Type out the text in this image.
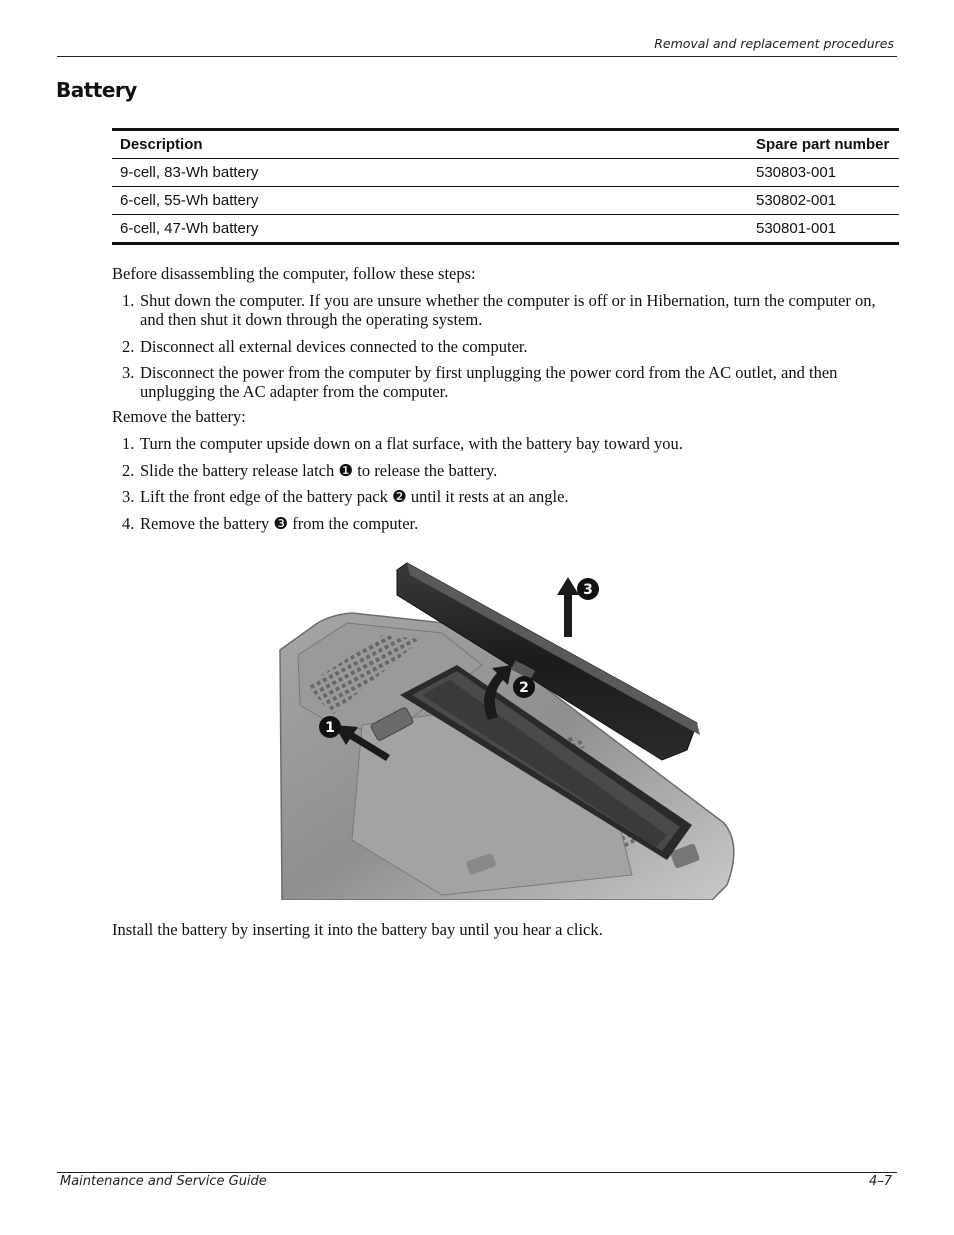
Removal and replacement procedures
Battery
Description	Spare part number
9-cell, 83-Wh battery	530803-001
6-cell, 55-Wh battery	530802-001
6-cell, 47-Wh battery	530801-001
Before disassembling the computer, follow these steps:
1. Shut down the computer. If you are unsure whether the computer is off or in Hibernation, turn the computer on, and then shut it down through the operating system.
2. Disconnect all external devices connected to the computer.
3. Disconnect the power from the computer by first unplugging the power cord from the AC outlet, and then unplugging the AC adapter from the computer.
Remove the battery:
1. Turn the computer upside down on a flat surface, with the battery bay toward you.
2. Slide the battery release latch ❶ to release the battery.
3. Lift the front edge of the battery pack ❷ until it rests at an angle.
4. Remove the battery ❸ from the computer.
1
2
3
Install the battery by inserting it into the battery bay until you hear a click.
Maintenance and Service Guide	4–7
